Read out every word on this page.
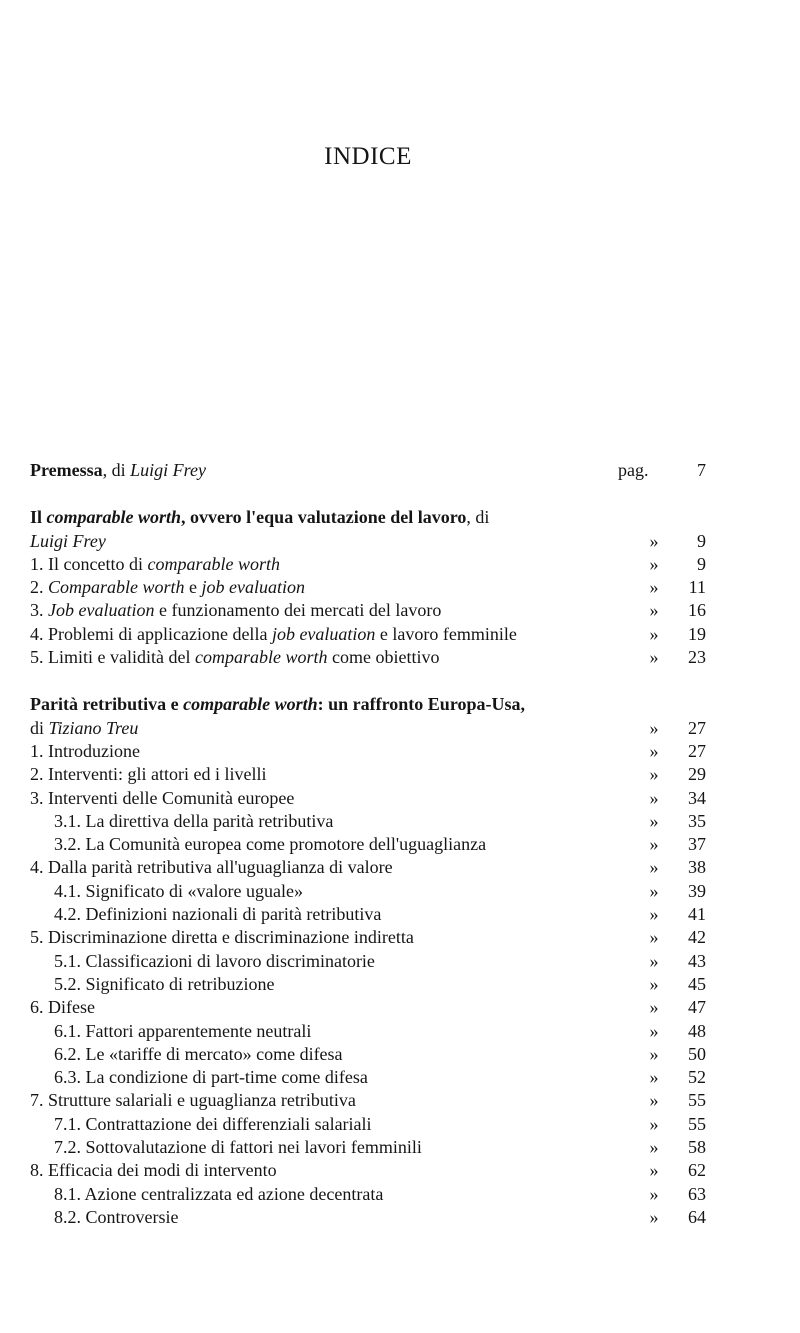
INDICE
Premessa, di Luigi Frey	pag.	7
Il comparable worth, ovvero l'equa valutazione del lavoro, di
Luigi Frey	»	9
1. Il concetto di comparable worth	»	9
2. Comparable worth e job evaluation	»	11
3. Job evaluation e funzionamento dei mercati del lavoro	»	16
4. Problemi di applicazione della job evaluation e lavoro femminile	»	19
5. Limiti e validità del comparable worth come obiettivo	»	23
Parità retributiva e comparable worth: un raffronto Europa-Usa,
di Tiziano Treu	»	27
1. Introduzione	»	27
2. Interventi: gli attori ed i livelli	»	29
3. Interventi delle Comunità europee	»	34
3.1. La direttiva della parità retributiva	»	35
3.2. La Comunità europea come promotore dell'uguaglianza	»	37
4. Dalla parità retributiva all'uguaglianza di valore	»	38
4.1. Significato di «valore uguale»	»	39
4.2. Definizioni nazionali di parità retributiva	»	41
5. Discriminazione diretta e discriminazione indiretta	»	42
5.1. Classificazioni di lavoro discriminatorie	»	43
5.2. Significato di retribuzione	»	45
6. Difese	»	47
6.1. Fattori apparentemente neutrali	»	48
6.2. Le «tariffe di mercato» come difesa	»	50
6.3. La condizione di part-time come difesa	»	52
7. Strutture salariali e uguaglianza retributiva	»	55
7.1. Contrattazione dei differenziali salariali	»	55
7.2. Sottovalutazione di fattori nei lavori femminili	»	58
8. Efficacia dei modi di intervento	»	62
8.1. Azione centralizzata ed azione decentrata	»	63
8.2. Controversie	»	64
